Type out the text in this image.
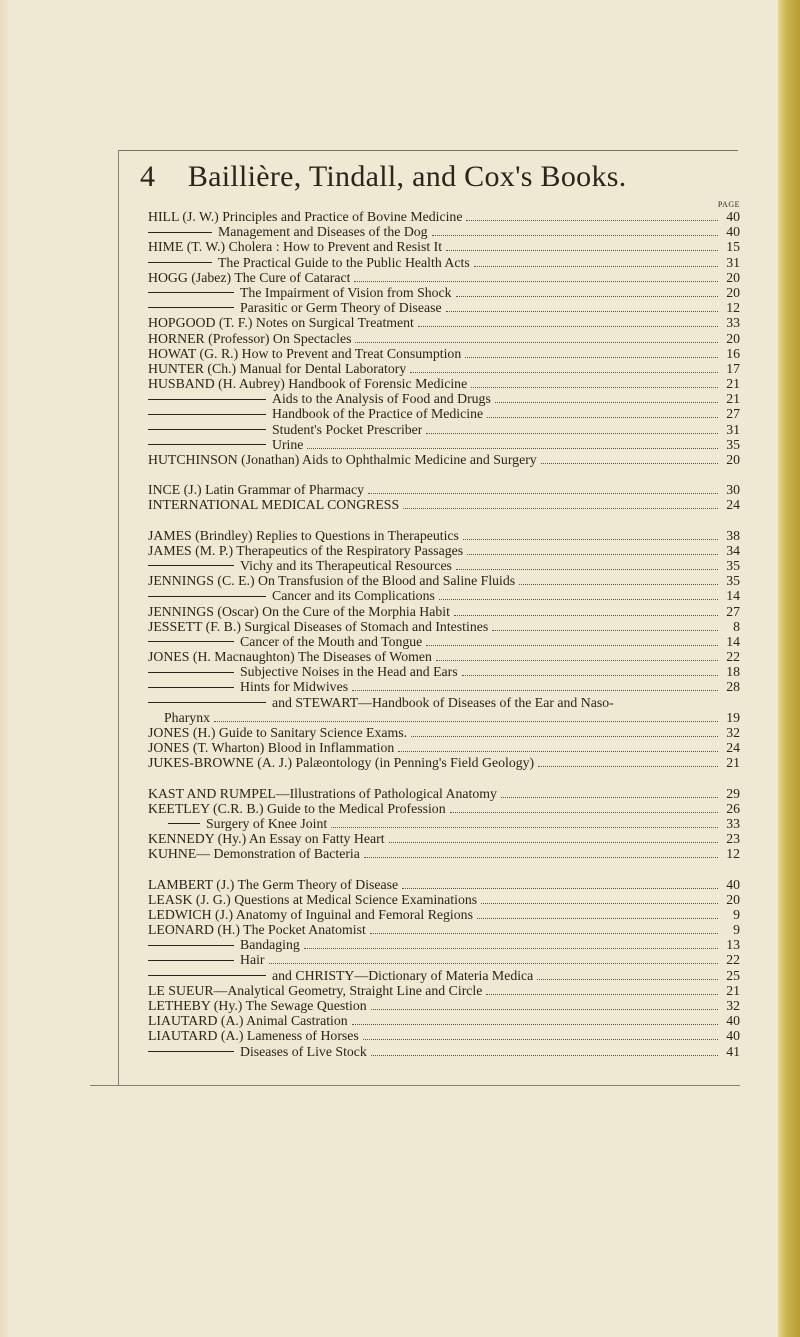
4 Baillière, Tindall, and Cox's Books.
PAGE
HILL (J. W.) Principles and Practice of Bovine Medicine	40
Management and Diseases of the Dog	40
HIME (T. W.) Cholera : How to Prevent and Resist It	15
The Practical Guide to the Public Health Acts	31
HOGG (Jabez) The Cure of Cataract	20
The Impairment of Vision from Shock	20
Parasitic or Germ Theory of Disease	12
HOPGOOD (T. F.) Notes on Surgical Treatment	33
HORNER (Professor) On Spectacles	20
HOWAT (G. R.) How to Prevent and Treat Consumption	16
HUNTER (Ch.) Manual for Dental Laboratory	17
HUSBAND (H. Aubrey) Handbook of Forensic Medicine	21
Aids to the Analysis of Food and Drugs	21
Handbook of the Practice of Medicine	27
Student's Pocket Prescriber	31
Urine	35
HUTCHINSON (Jonathan) Aids to Ophthalmic Medicine and Surgery	20
INCE (J.) Latin Grammar of Pharmacy	30
INTERNATIONAL MEDICAL CONGRESS	24
JAMES (Brindley) Replies to Questions in Therapeutics	38
JAMES (M. P.) Therapeutics of the Respiratory Passages	34
Vichy and its Therapeutical Resources	35
JENNINGS (C. E.) On Transfusion of the Blood and Saline Fluids	35
Cancer and its Complications	14
JENNINGS (Oscar) On the Cure of the Morphia Habit	27
JESSETT (F. B.) Surgical Diseases of Stomach and Intestines	8
Cancer of the Mouth and Tongue	14
JONES (H. Macnaughton) The Diseases of Women	22
Subjective Noises in the Head and Ears	18
Hints for Midwives	28
and STEWART—Handbook of Diseases of the Ear and Naso-
Pharynx	19
JONES (H.) Guide to Sanitary Science Exams.	32
JONES (T. Wharton) Blood in Inflammation	24
JUKES-BROWNE (A. J.) Palæontology (in Penning's Field Geology)	21
KAST AND RUMPEL—Illustrations of Pathological Anatomy	29
KEETLEY (C.R. B.) Guide to the Medical Profession	26
Surgery of Knee Joint	33
KENNEDY (Hy.) An Essay on Fatty Heart	23
KUHNE— Demonstration of Bacteria	12
LAMBERT (J.) The Germ Theory of Disease	40
LEASK (J. G.) Questions at Medical Science Examinations	20
LEDWICH (J.) Anatomy of Inguinal and Femoral Regions	9
LEONARD (H.) The Pocket Anatomist	9
Bandaging	13
Hair	22
and CHRISTY—Dictionary of Materia Medica	25
LE SUEUR—Analytical Geometry, Straight Line and Circle	21
LETHEBY (Hy.) The Sewage Question	32
LIAUTARD (A.) Animal Castration	40
LIAUTARD (A.) Lameness of Horses	40
Diseases of Live Stock	41
